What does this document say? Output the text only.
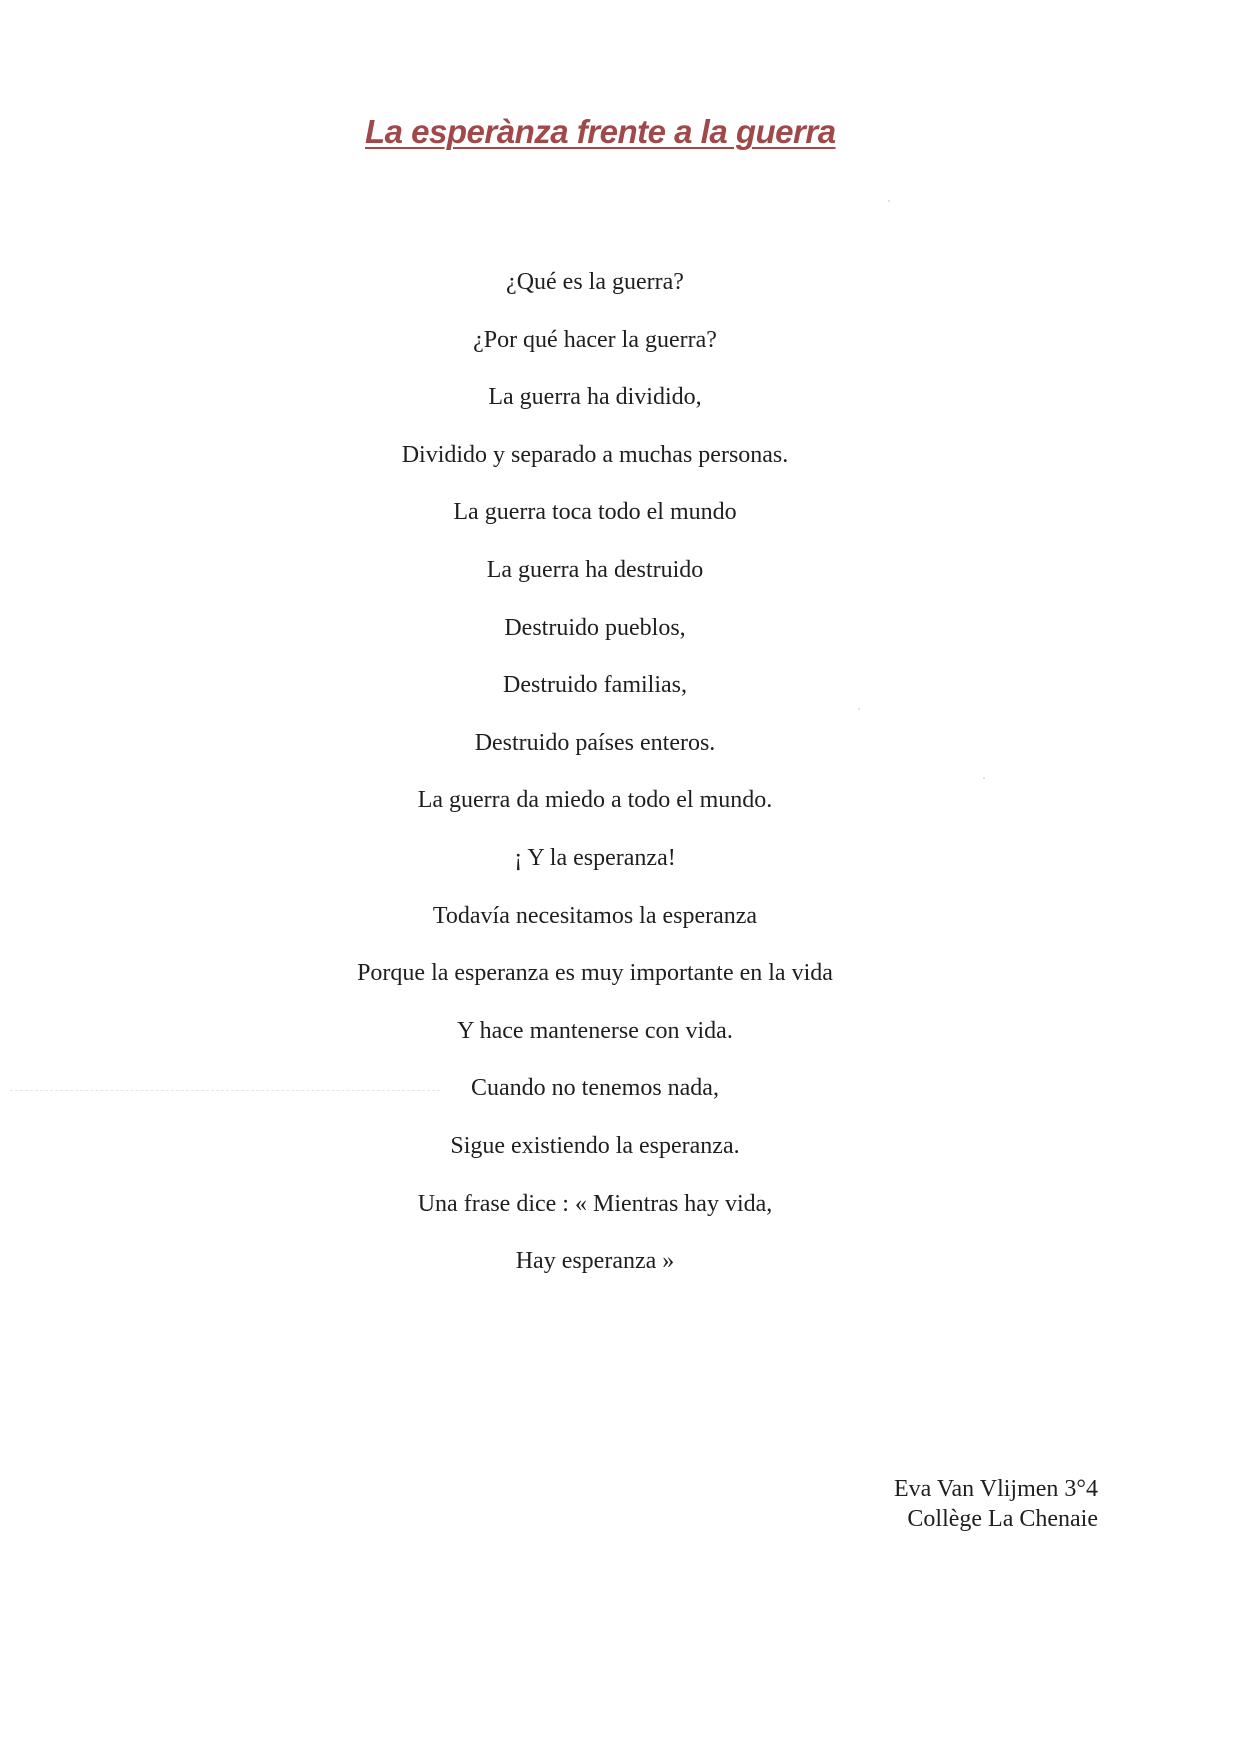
La esperànza frente a la guerra
¿Qué es la guerra?
¿Por qué hacer la guerra?
La guerra ha dividido,
Dividido y separado a muchas personas.
La guerra toca todo el mundo
La guerra ha destruido
Destruido pueblos,
Destruido familias,
Destruido países enteros.
La guerra da miedo a todo el mundo.
¡ Y la esperanza!
Todavía necesitamos la esperanza
Porque la esperanza es muy importante en la vida
Y hace mantenerse con vida.
Cuando no tenemos nada,
Sigue existiendo la esperanza.
Una frase dice : « Mientras hay vida,
Hay esperanza »
Eva Van Vlijmen 3°4
Collège La Chenaie
